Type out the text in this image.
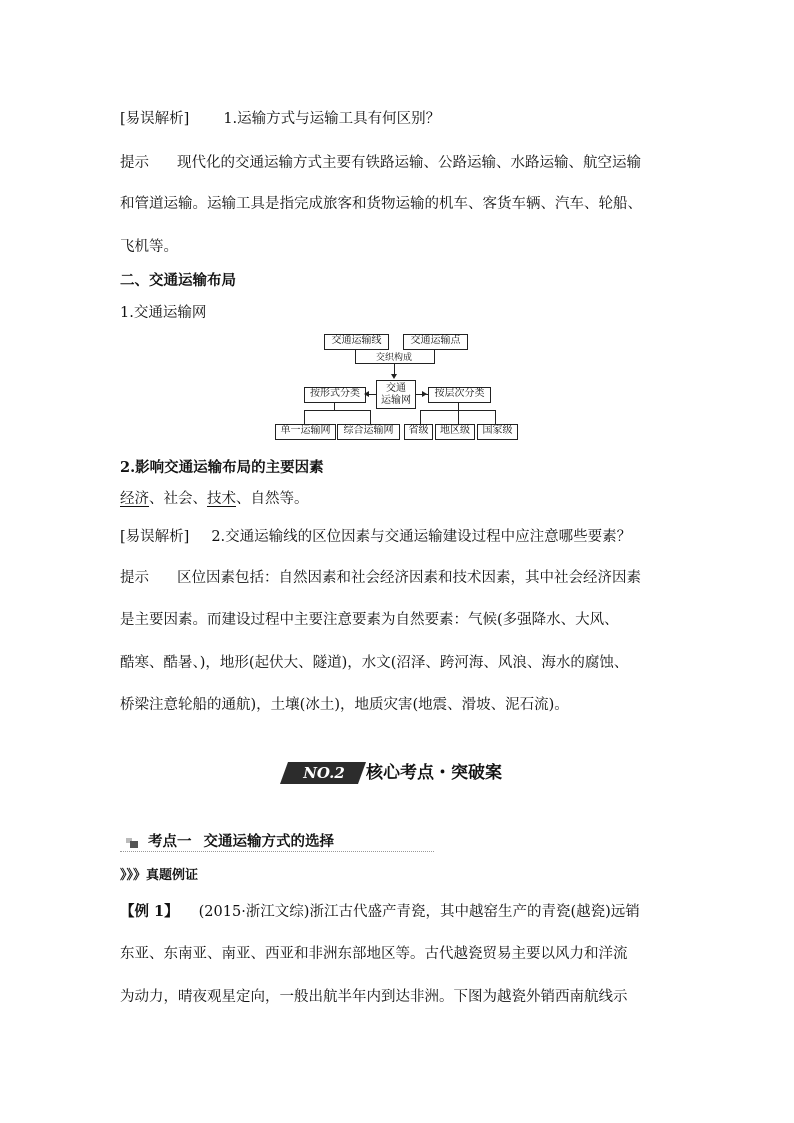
[易误解析] 1.运输方式与运输工具有何区别？
提示 现代化的交通运输方式主要有铁路运输、公路运输、水路运输、航空运输
和管道运输。运输工具是指完成旅客和货物运输的机车、客货车辆、汽车、轮船、
飞机等。
二、交通运输布局
1.交通运输网
交通运输线	交通运输点
交织构成
交通
运输网
按形式分类	按层次分类
单一运输网	综合运输网	省级	地区级	国家级
2.影响交通运输布局的主要因素
经济、社会、技术、自然等。
[易误解析] 2.交通运输线的区位因素与交通运输建设过程中应注意哪些要素？
提示 区位因素包括：自然因素和社会经济因素和技术因素，其中社会经济因素
是主要因素。而建设过程中主要注意要素为自然要素：气候(多强降水、大风、
酷寒、酷暑、)，地形(起伏大、隧道)，水文(沼泽、跨河海、风浪、海水的腐蚀、
桥梁注意轮船的通航)，土壤(冰土)，地质灾害(地震、滑坡、泥石流)。
NO.2	核心考点・突破案
考点一 交通运输方式的选择
》》》真题例证
【例 1】 (2015·浙江文综)浙江古代盛产青瓷，其中越窑生产的青瓷(越瓷)远销
东亚、东南亚、南亚、西亚和非洲东部地区等。古代越瓷贸易主要以风力和洋流
为动力，晴夜观星定向，一般出航半年内到达非洲。下图为越瓷外销西南航线示
